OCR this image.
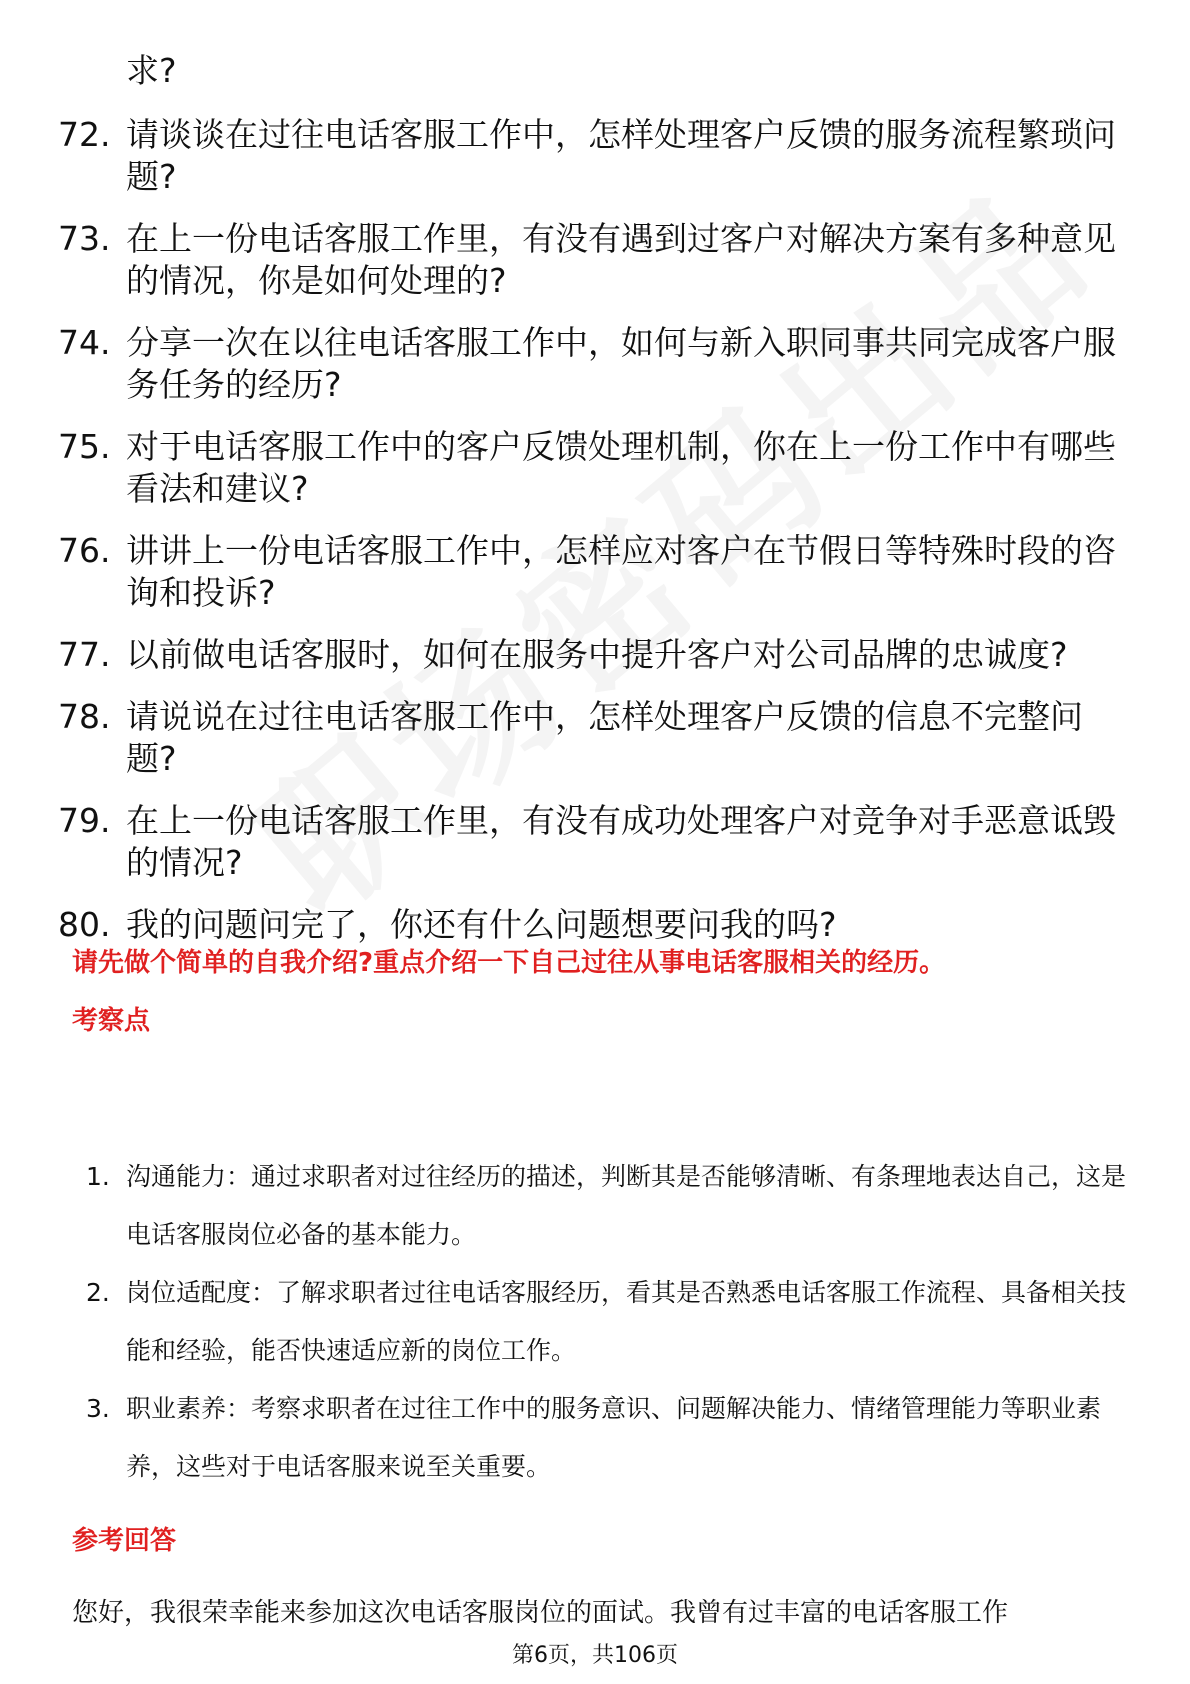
求?
72. 请谈谈在过往电话客服工作中，怎样处理客户反馈的服务流程繁琐问题?
73. 在上一份电话客服工作里，有没有遇到过客户对解决方案有多种意见的情况，你是如何处理的?
74. 分享一次在以往电话客服工作中，如何与新入职同事共同完成客户服务任务的经历?
75. 对于电话客服工作中的客户反馈处理机制，你在上一份工作中有哪些看法和建议?
76. 讲讲上一份电话客服工作中，怎样应对客户在节假日等特殊时段的咨询和投诉?
77. 以前做电话客服时，如何在服务中提升客户对公司品牌的忠诚度?
78. 请说说在过往电话客服工作中，怎样处理客户反馈的信息不完整问题?
79. 在上一份电话客服工作里，有没有成功处理客户对竞争对手恶意诋毁的情况?
80. 我的问题问完了，你还有什么问题想要问我的吗?
请先做个简单的自我介绍?重点介绍一下自己过往从事电话客服相关的经历。
考察点
1. 沟通能力：通过求职者对过往经历的描述，判断其是否能够清晰、有条理地表达自己，这是电话客服岗位必备的基本能力。
2. 岗位适配度：了解求职者过往电话客服经历，看其是否熟悉电话客服工作流程、具备相关技能和经验，能否快速适应新的岗位工作。
3. 职业素养：考察求职者在过往工作中的服务意识、问题解决能力、情绪管理能力等职业素养，这些对于电话客服来说至关重要。
参考回答
您好，我很荣幸能来参加这次电话客服岗位的面试。我曾有过丰富的电话客服工作
第6页，共106页
